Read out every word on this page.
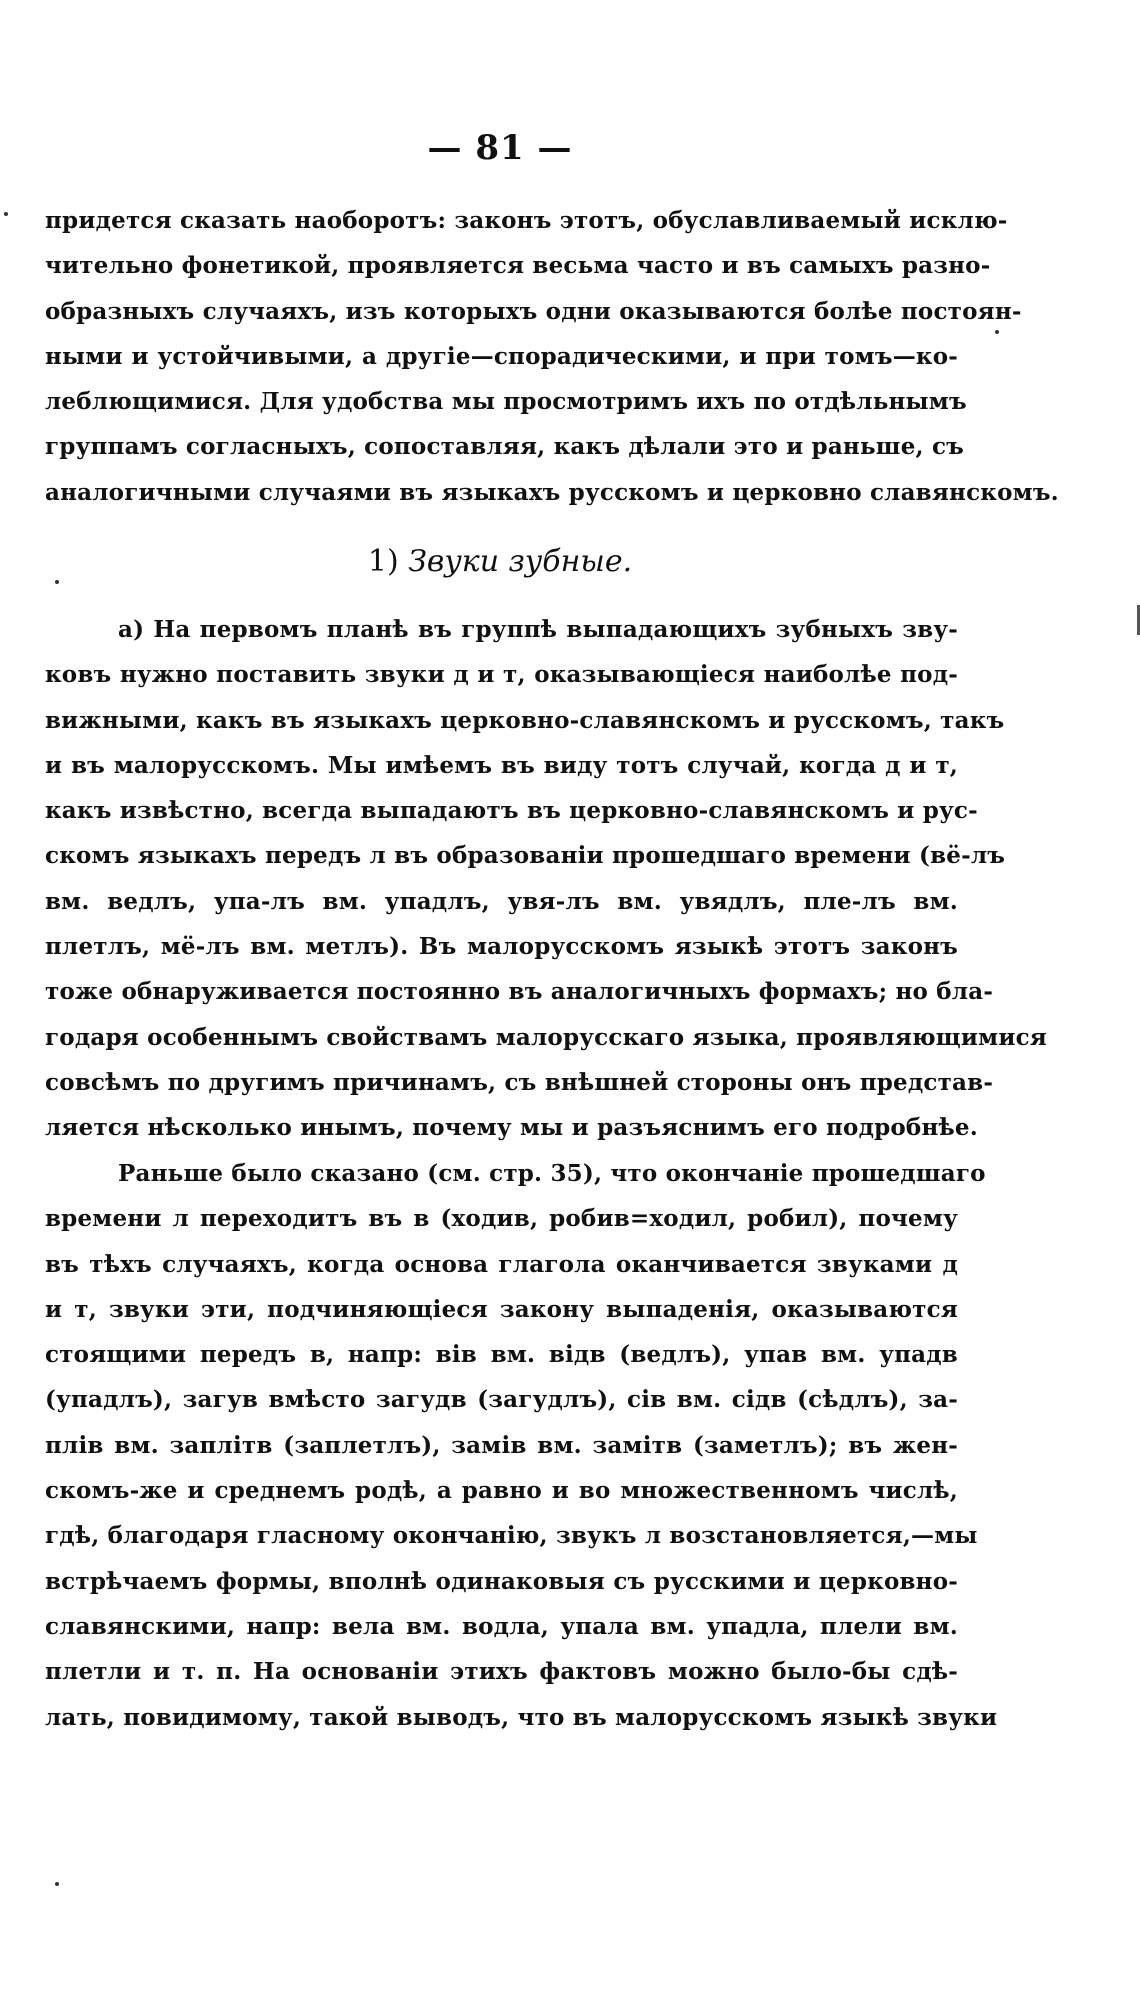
— 81 —
придется сказать наоборотъ: законъ этотъ, обуславливаемый исклю-
чительно фонетикой, проявляется весьма часто и въ самыхъ разно-
образныхъ случаяхъ, изъ которыхъ одни оказываются болѣе постоян-
ными и устойчивыми, а другіе—спорадическими, и при томъ—ко-
леблющимися. Для удобства мы просмотримъ ихъ по отдѣльнымъ
группамъ согласныхъ, сопоставляя, какъ дѣлали это и раньше, съ
аналогичными случаями въ языкахъ русскомъ и церковно славянскомъ.
1) Звуки зубные.
а) На первомъ планѣ въ группѣ выпадающихъ зубныхъ зву-
ковъ нужно поставить звуки д и т, оказывающіеся наиболѣе под-
вижными, какъ въ языкахъ церковно-славянскомъ и русскомъ, такъ
и въ малорусскомъ. Мы имѣемъ въ виду тотъ случай, когда д и т,
какъ извѣстно, всегда выпадаютъ въ церковно-славянскомъ и рус-
скомъ языкахъ передъ л въ образованіи прошедшаго времени (вё-лъ
вм. ведлъ, упа-лъ вм. упадлъ, увя-лъ вм. увядлъ, пле-лъ вм.
плетлъ, мё-лъ вм. метлъ). Въ малорусскомъ языкѣ этотъ законъ
тоже обнаруживается постоянно въ аналогичныхъ формахъ; но бла-
годаря особеннымъ свойствамъ малорусскаго языка, проявляющимися
совсѣмъ по другимъ причинамъ, съ внѣшней стороны онъ представ-
ляется нѣсколько инымъ, почему мы и разъяснимъ его подробнѣе.
Раньше было сказано (см. стр. 35), что окончаніе прошедшаго
времени л переходитъ въ в (ходив, робив=ходил, робил), почему
въ тѣхъ случаяхъ, когда основа глагола оканчивается звуками д
и т, звуки эти, подчиняющіеся закону выпаденія, оказываются
стоящими передъ в, напр: вів вм. відв (ведлъ), упав вм. упадв
(упадлъ), загув вмѣсто загудв (загудлъ), сів вм. сідв (сѣдлъ), за-
плів вм. заплітв (заплетлъ), замів вм. замітв (заметлъ); въ жен-
скомъ-же и среднемъ родѣ, а равно и во множественномъ числѣ,
гдѣ, благодаря гласному окончанію, звукъ л возстановляется,—мы
встрѣчаемъ формы, вполнѣ одинаковыя съ русскими и церковно-
славянскими, напр: вела вм. водла, упала вм. упадла, плели вм.
плетли и т. п. На основаніи этихъ фактовъ можно было-бы сдѣ-
лать, повидимому, такой выводъ, что въ малорусскомъ языкѣ звуки
